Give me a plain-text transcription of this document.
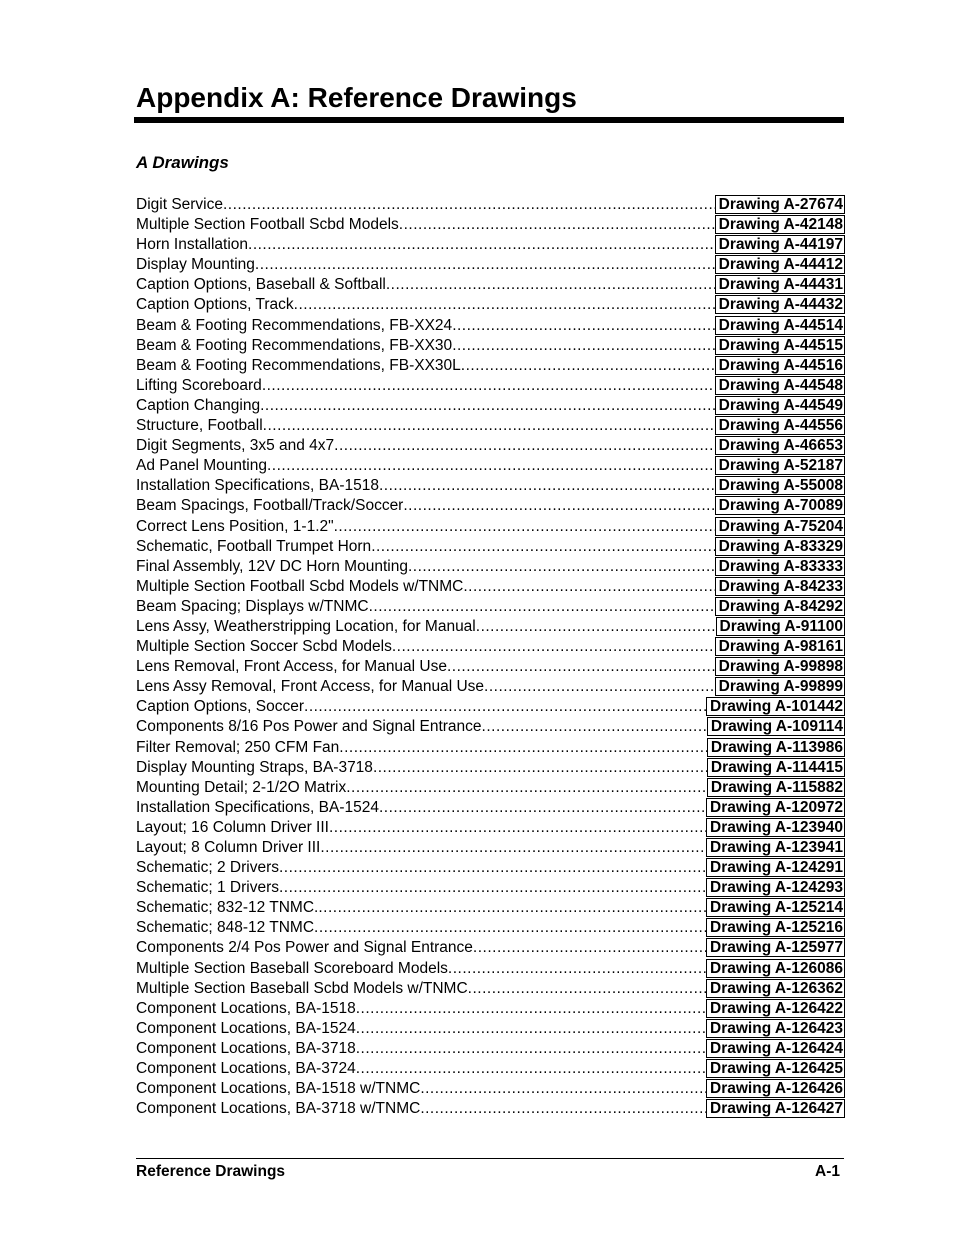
Appendix A: Reference Drawings
A Drawings
Digit Service .....	Drawing A-27674
Multiple Section Football Scbd Models .....	Drawing A-42148
Horn Installation .....	Drawing A-44197
Display Mounting .....	Drawing A-44412
Caption Options, Baseball & Softball .....	Drawing A-44431
Caption Options, Track .....	Drawing A-44432
Beam & Footing Recommendations, FB-XX24 .....	Drawing A-44514
Beam & Footing Recommendations, FB-XX30 .....	Drawing A-44515
Beam & Footing Recommendations, FB-XX30L .....	Drawing A-44516
Lifting Scoreboard .....	Drawing A-44548
Caption Changing .....	Drawing A-44549
Structure, Football .....	Drawing A-44556
Digit Segments, 3x5 and 4x7 .....	Drawing A-46653
Ad Panel Mounting .....	Drawing A-52187
Installation Specifications, BA-1518 .....	Drawing A-55008
Beam Spacings, Football/Track/Soccer .....	Drawing A-70089
Correct Lens Position, 1-1.2" .....	Drawing A-75204
Schematic, Football Trumpet Horn .....	Drawing A-83329
Final Assembly, 12V DC Horn Mounting .....	Drawing A-83333
Multiple Section Football Scbd Models w/TNMC .....	Drawing A-84233
Beam Spacing; Displays w/TNMC .....	Drawing A-84292
Lens Assy, Weatherstripping Location, for Manual .....	Drawing A-91100
Multiple Section Soccer Scbd Models .....	Drawing A-98161
Lens Removal, Front Access, for Manual Use .....	Drawing A-99898
Lens Assy Removal, Front Access, for Manual Use .....	Drawing A-99899
Caption Options, Soccer .....	Drawing A-101442
Components 8/16 Pos Power and Signal Entrance .....	Drawing A-109114
Filter Removal; 250 CFM Fan .....	Drawing A-113986
Display Mounting Straps, BA-3718 .....	Drawing A-114415
Mounting Detail; 2-1/2O Matrix .....	Drawing A-115882
Installation Specifications, BA-1524 .....	Drawing A-120972
Layout; 16 Column Driver III .....	Drawing A-123940
Layout; 8 Column Driver III .....	Drawing A-123941
Schematic; 2 Drivers .....	Drawing A-124291
Schematic; 1 Drivers .....	Drawing A-124293
Schematic; 832-12 TNMC. .....	Drawing A-125214
Schematic; 848-12 TNMC .....	Drawing A-125216
Components 2/4 Pos Power and Signal Entrance .....	Drawing A-125977
Multiple Section Baseball Scoreboard Models .....	Drawing A-126086
Multiple Section Baseball Scbd Models w/TNMC .....	Drawing A-126362
Component Locations, BA-1518 .....	Drawing A-126422
Component Locations, BA-1524 .....	Drawing A-126423
Component Locations, BA-3718 .....	Drawing A-126424
Component Locations, BA-3724 .....	Drawing A-126425
Component Locations, BA-1518 w/TNMC .....	Drawing A-126426
Component Locations, BA-3718 w/TNMC .....	Drawing A-126427
Reference Drawings	A-1
